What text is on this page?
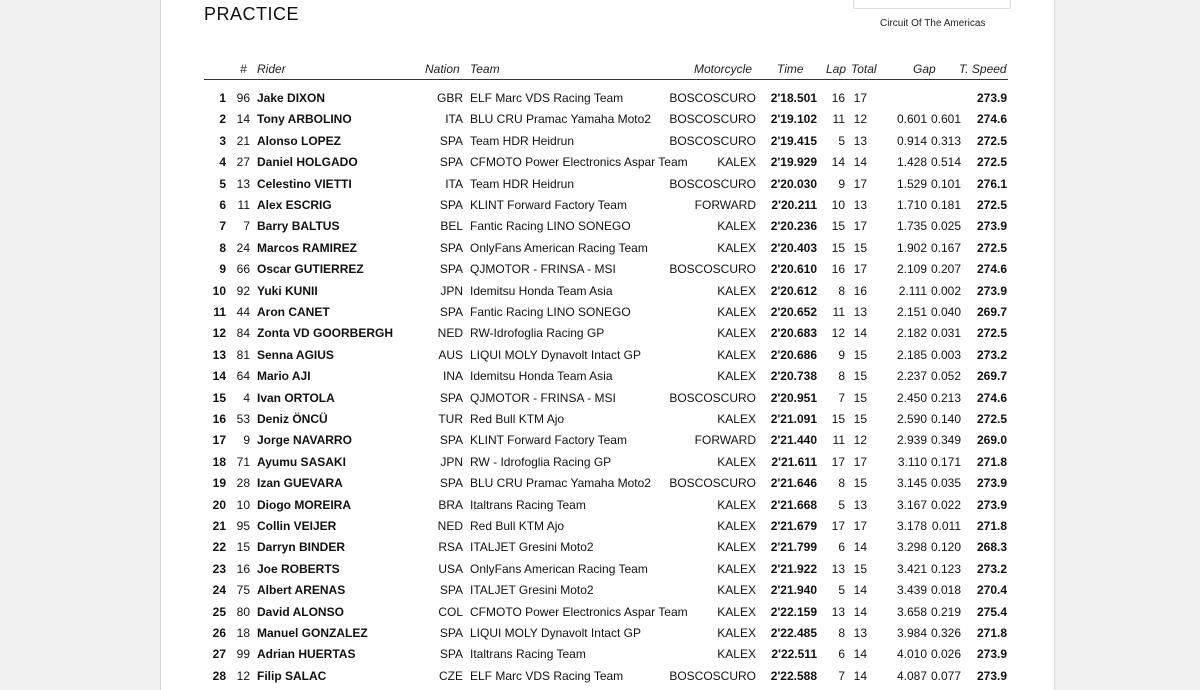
PRACTICE	Circuit Of The Americas
# Rider	Nation Team	Motorcycle Time Lap Total	Gap T. Speed
1 96 Jake DIXON	GBR ELF Marc VDS Racing Team	BOSCOSCURO	2'18.501	16 17	273.9
2 14 Tony ARBOLINO	ITA BLU CRU Pramac Yamaha Moto2	BOSCOSCURO	2'19.102	11 12	0.601 0.601	274.6
3 21 Alonso LOPEZ	SPA Team HDR Heidrun	BOSCOSCURO	2'19.415	5 13	0.914 0.313	272.5
4 27 Daniel HOLGADO	SPA CFMOTO Power Electronics Aspar Team	KALEX	2'19.929	14 14	1.428 0.514	272.5
5 13 Celestino VIETTI	ITA Team HDR Heidrun	BOSCOSCURO	2'20.030	9 17	1.529 0.101	276.1
6 11 Alex ESCRIG	SPA KLINT Forward Factory Team	FORWARD	2'20.211	10 13	1.710 0.181	272.5
7	7 Barry BALTUS	BEL Fantic Racing LINO SONEGO	KALEX	2'20.236	15 17	1.735 0.025	273.9
8 24 Marcos RAMIREZ	SPA OnlyFans American Racing Team	KALEX	2'20.403	15 15	1.902 0.167	272.5
9 66 Oscar GUTIERREZ	SPA QJMOTOR - FRINSA - MSI	BOSCOSCURO	2'20.610	16 17	2.109 0.207	274.6
10 92 Yuki KUNII	JPN Idemitsu Honda Team Asia	KALEX	2'20.612	8 16	2.111 0.002	273.9
11 44 Aron CANET	SPA Fantic Racing LINO SONEGO	KALEX	2'20.652	11 13	2.151 0.040	269.7
12 84 Zonta VD GOORBERGH	NED RW-Idrofoglia Racing GP	KALEX	2'20.683	12 14	2.182 0.031	272.5
13 81 Senna AGIUS	AUS LIQUI MOLY Dynavolt Intact GP	KALEX	2'20.686	9 15	2.185 0.003	273.2
14 64 Mario AJI	INA Idemitsu Honda Team Asia	KALEX	2'20.738	8 15	2.237 0.052	269.7
15	4 Ivan ORTOLA	SPA QJMOTOR - FRINSA - MSI	BOSCOSCURO	2'20.951	7 15	2.450 0.213	274.6
16 53 Deniz ÖNCÜ	TUR Red Bull KTM Ajo	KALEX	2'21.091	15 15	2.590 0.140	272.5
17	9 Jorge NAVARRO	SPA KLINT Forward Factory Team	FORWARD	2'21.440	11 12	2.939 0.349	269.0
18 71 Ayumu SASAKI	JPN RW - Idrofoglia Racing GP	KALEX	2'21.611	17 17	3.110 0.171	271.8
19 28 Izan GUEVARA	SPA BLU CRU Pramac Yamaha Moto2	BOSCOSCURO	2'21.646	8 15	3.145 0.035	273.9
20 10 Diogo MOREIRA	BRA Italtrans Racing Team	KALEX	2'21.668	5 13	3.167 0.022	273.9
21 95 Collin VEIJER	NED Red Bull KTM Ajo	KALEX	2'21.679	17 17	3.178 0.011	271.8
22 15 Darryn BINDER	RSA ITALJET Gresini Moto2	KALEX	2'21.799	6 14	3.298 0.120	268.3
23 16 Joe ROBERTS	USA OnlyFans American Racing Team	KALEX	2'21.922	13 15	3.421 0.123	273.2
24 75 Albert ARENAS	SPA ITALJET Gresini Moto2	KALEX	2'21.940	5 14	3.439 0.018	270.4
25 80 David ALONSO	COL CFMOTO Power Electronics Aspar Team	KALEX	2'22.159	13 14	3.658 0.219	275.4
26 18 Manuel GONZALEZ	SPA LIQUI MOLY Dynavolt Intact GP	KALEX	2'22.485	8 13	3.984 0.326	271.8
27 99 Adrian HUERTAS	SPA Italtrans Racing Team	KALEX	2'22.511	6 14	4.010 0.026	273.9
28 12 Filip SALAC	CZE ELF Marc VDS Racing Team	BOSCOSCURO	2'22.588	7 14	4.087 0.077	273.9
